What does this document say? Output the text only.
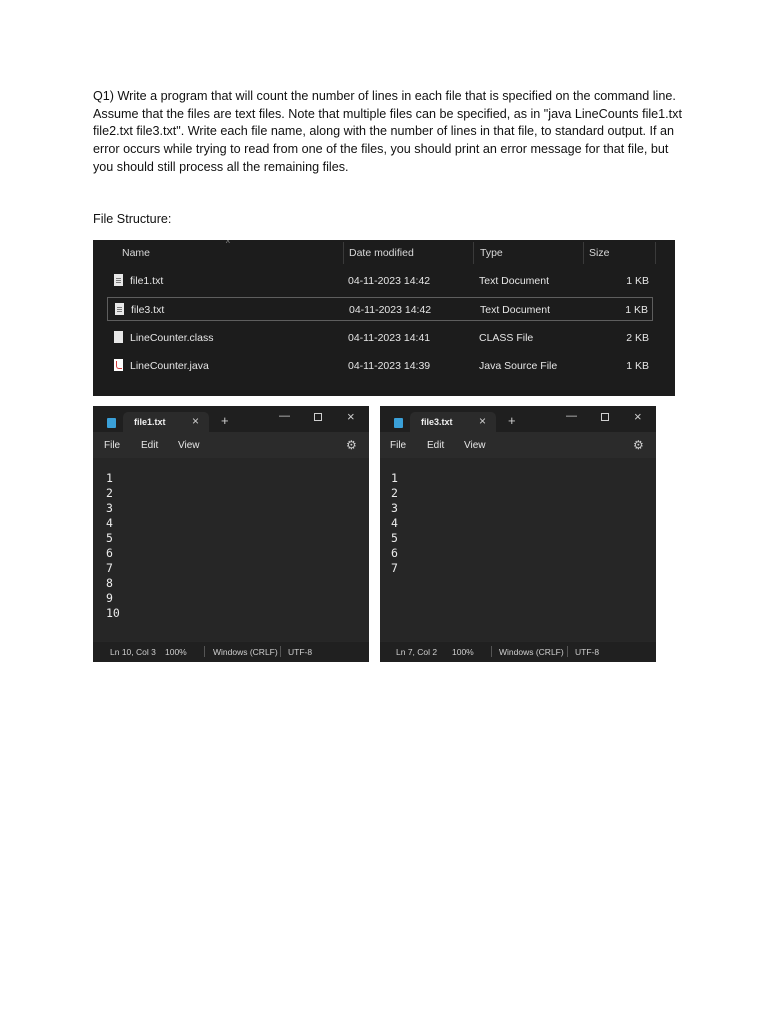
Q1) Write a program that will count the number of lines in each file that is specified on the command line. Assume that the files are text files. Note that multiple files can be specified, as in "java LineCounts file1.txt file2.txt file3.txt". Write each file name, along with the number of lines in that file, to standard output. If an error occurs while trying to read from one of the files, you should print an error message for that file, but you should still process all the remaining files.

File Structure:

^
Name	Date modified	Type	Size
file1.txt	04-11-2023 14:42	Text Document	1 KB
file3.txt	04-11-2023 14:42	Text Document	1 KB
LineCounter.class	04-11-2023 14:41	CLASS File	2 KB
LineCounter.java	04-11-2023 14:39	Java Source File	1 KB
file1.txt × +	—	×
File Edit View	⚙
1
2
3
4
5
6
7
8
9
10
Ln 10, Col 3 100%	Windows (CRLF) UTF-8
file3.txt × +	—	×
File Edit View	⚙
1
2
3
4
5
6
7
Ln 7, Col 2 100%	Windows (CRLF) UTF-8
